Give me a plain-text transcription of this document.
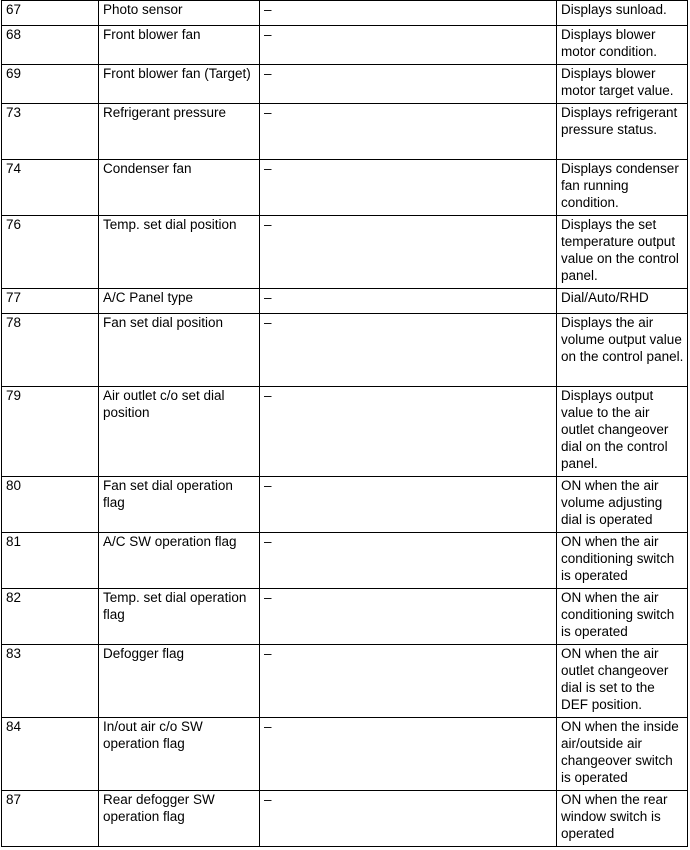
67	Photo sensor	–	Displays sunload.
68	Front blower fan	–	Displays blower motor condition.
69	Front blower fan (Target)	–	Displays blower motor target value.
73	Refrigerant pressure	–	Displays refrigerant pressure status.
74	Condenser fan	–	Displays condenser fan running condition.
76	Temp. set dial position	–	Displays the set temperature output value on the control panel.
77	A/C Panel type	–	Dial/Auto/RHD
78	Fan set dial position	–	Displays the air volume output value on the control panel.
79	Air outlet c/o set dial position	–	Displays output value to the air outlet changeover dial on the control panel.
80	Fan set dial operation flag	–	ON when the air volume adjusting dial is operated
81	A/C SW operation flag	–	ON when the air conditioning switch is operated
82	Temp. set dial operation flag	–	ON when the air conditioning switch is operated
83	Defogger flag	–	ON when the air outlet changeover dial is set to the DEF position.
84	In/out air c/o SW operation flag	–	ON when the inside air/outside air changeover switch is operated
87	Rear defogger SW operation flag	–	ON when the rear window switch is operated
